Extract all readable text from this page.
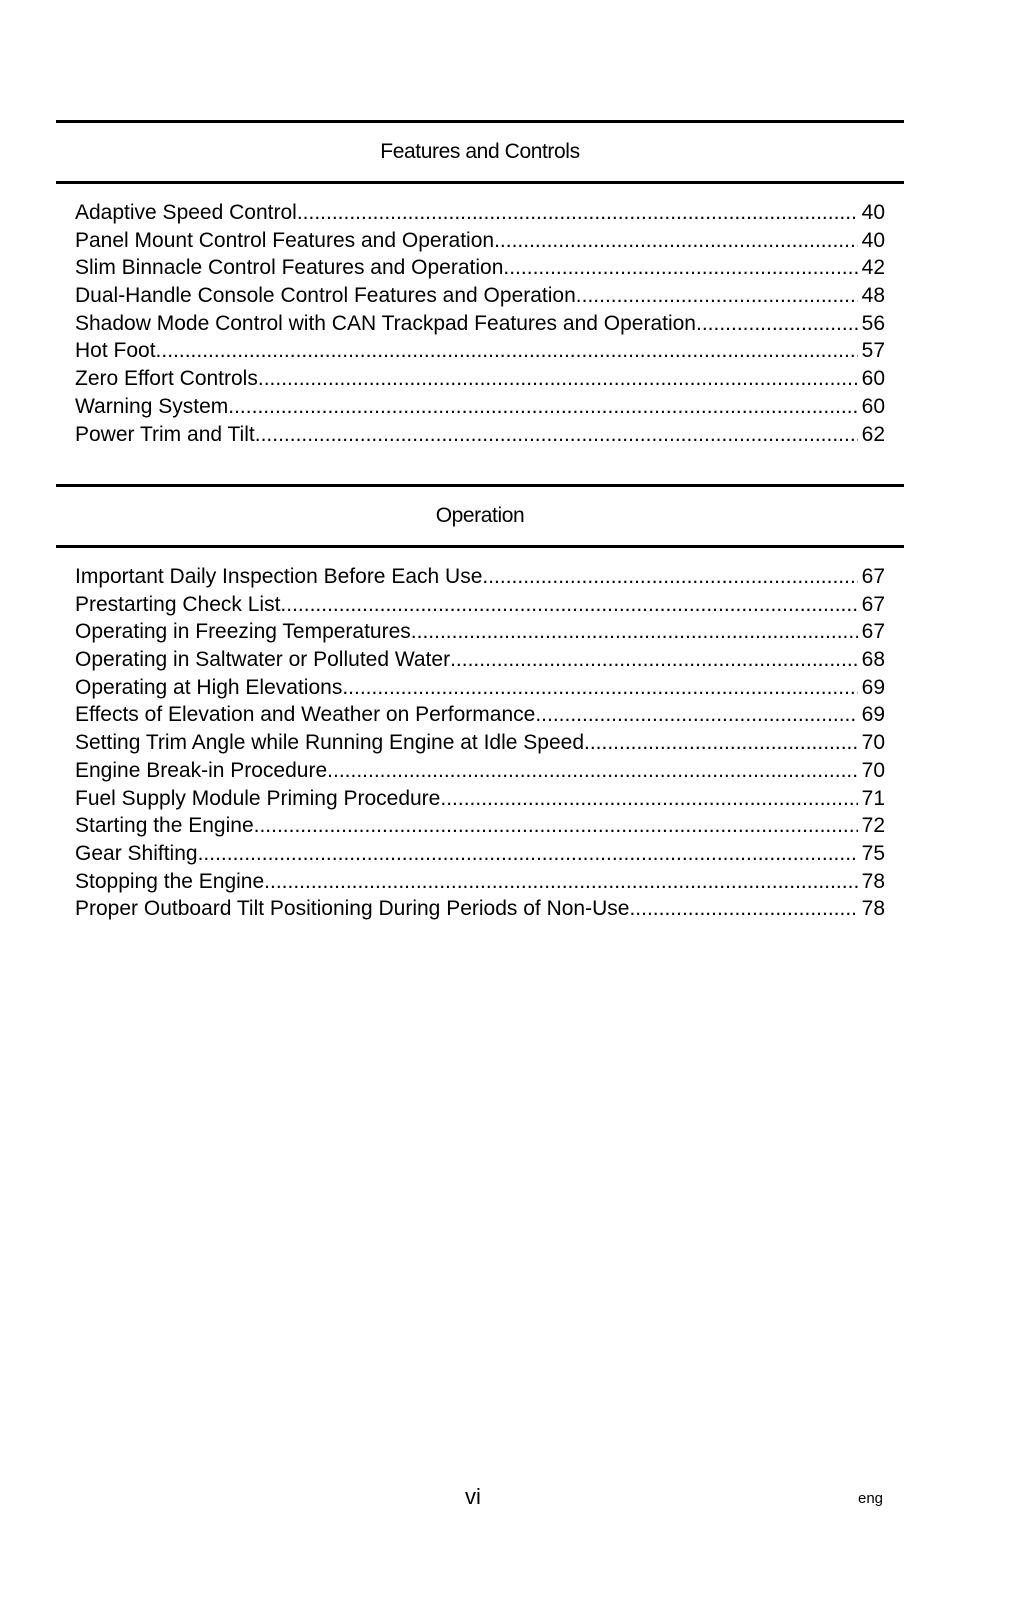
Features and Controls
Adaptive Speed Control .....	40
Panel Mount Control Features and Operation .....	40
Slim Binnacle Control Features and Operation .....	42
Dual-Handle Console Control Features and Operation .....	48
Shadow Mode Control with CAN Trackpad Features and Operation .....	56
Hot Foot .....	57
Zero Effort Controls .....	60
Warning System .....	60
Power Trim and Tilt .....	62
Operation
Important Daily Inspection Before Each Use .....	67
Prestarting Check List .....	67
Operating in Freezing Temperatures .....	67
Operating in Saltwater or Polluted Water .....	68
Operating at High Elevations .....	69
Effects of Elevation and Weather on Performance .....	69
Setting Trim Angle while Running Engine at Idle Speed .....	70
Engine Break-in Procedure .....	70
Fuel Supply Module Priming Procedure .....	71
Starting the Engine .....	72
Gear Shifting .....	75
Stopping the Engine .....	78
Proper Outboard Tilt Positioning During Periods of Non-Use .....	78
vi	eng
